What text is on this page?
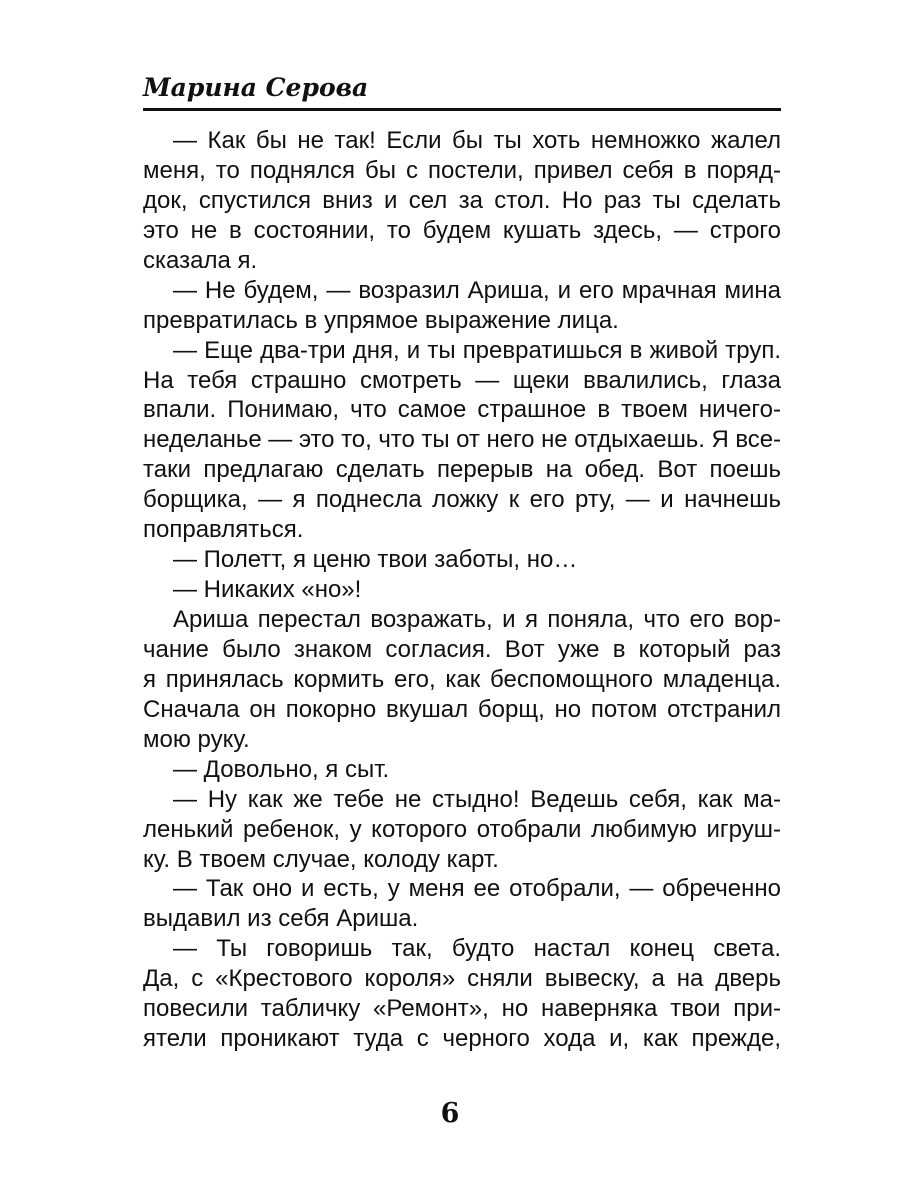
Марина Серова
— Как бы не так! Если бы ты хоть немножко жалел
меня, то поднялся бы с постели, привел себя в поряд-
док, спустился вниз и сел за стол. Но раз ты сделать
это не в состоянии, то будем кушать здесь, — строго
сказала я.
— Не будем, — возразил Ариша, и его мрачная мина
превратилась в упрямое выражение лица.
— Еще два-три дня, и ты превратишься в живой труп.
На тебя страшно смотреть — щеки ввалились, глаза
впали. Понимаю, что самое страшное в твоем ничего-
неделанье — это то, что ты от него не отдыхаешь. Я все-
таки предлагаю сделать перерыв на обед. Вот поешь
борщика, — я поднесла ложку к его рту, — и начнешь
поправляться.
— Полетт, я ценю твои заботы, но…
— Никаких «но»!
Ариша перестал возражать, и я поняла, что его вор-
чание было знаком согласия. Вот уже в который раз
я принялась кормить его, как беспомощного младенца.
Сначала он покорно вкушал борщ, но потом отстранил
мою руку.
— Довольно, я сыт.
— Ну как же тебе не стыдно! Ведешь себя, как ма-
ленький ребенок, у которого отобрали любимую игруш-
ку. В твоем случае, колоду карт.
— Так оно и есть, у меня ее отобрали, — обреченно
выдавил из себя Ариша.
— Ты говоришь так, будто настал конец света.
Да, с «Крестового короля» сняли вывеску, а на дверь
повесили табличку «Ремонт», но наверняка твои при-
ятели проникают туда с черного хода и, как прежде,
6
